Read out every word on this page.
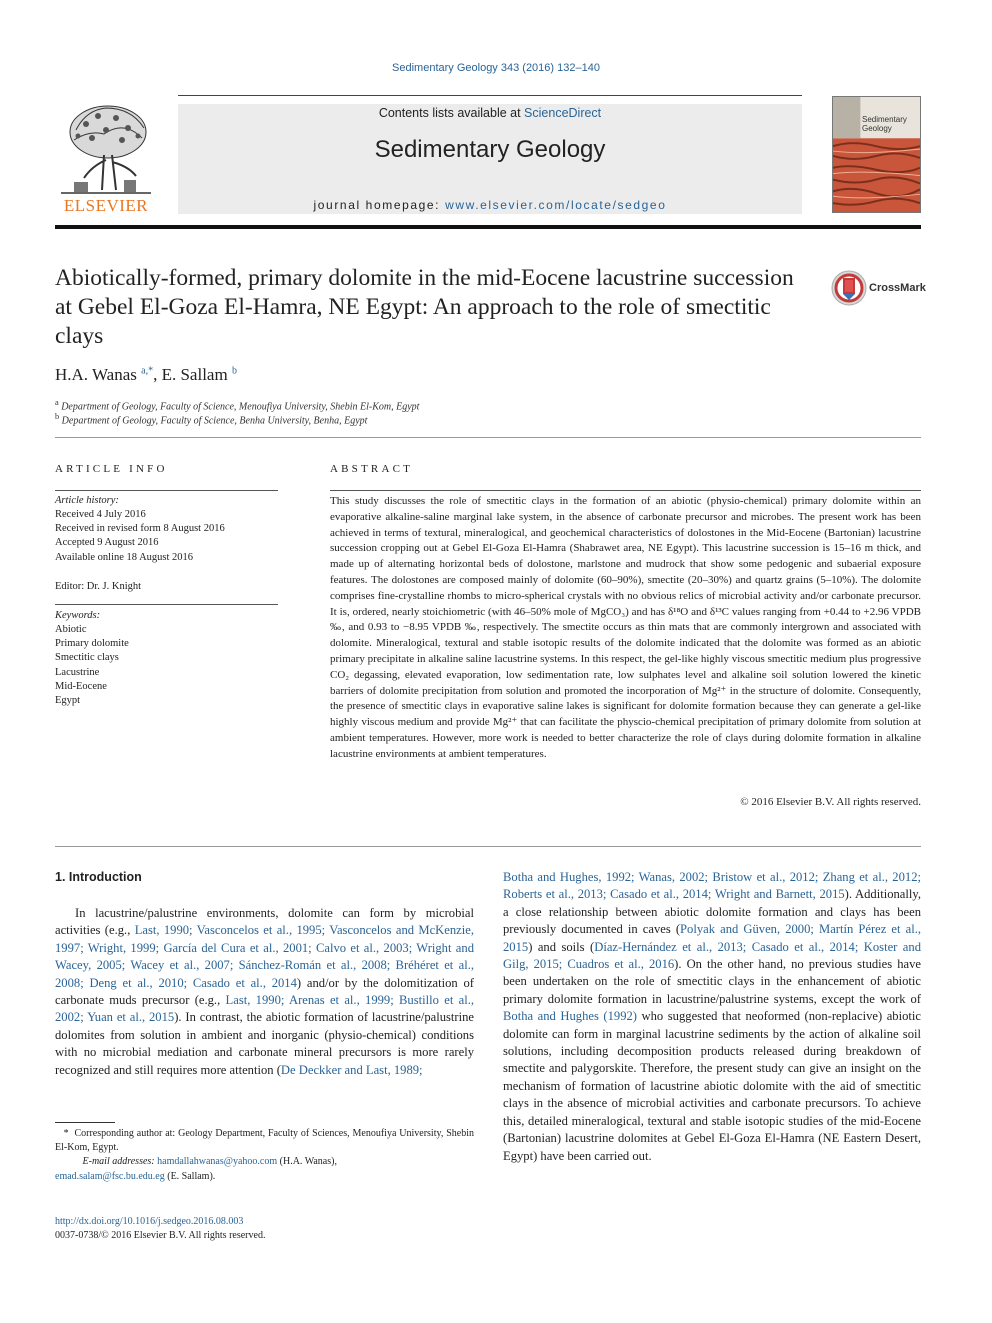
Sedimentary Geology 343 (2016) 132–140
Contents lists available at ScienceDirect
Sedimentary Geology
journal homepage: www.elsevier.com/locate/sedgeo
ELSEVIER
Sedimentary Geology
Abiotically-formed, primary dolomite in the mid-Eocene lacustrine succession at Gebel El-Goza El-Hamra, NE Egypt: An approach to the role of smectitic clays
CrossMark
H.A. Wanas $^{a,*}$, E. Sallam $^b$
$^a$ Department of Geology, Faculty of Science, Menoufiya University, Shebin El-Kom, Egypt
$^b$ Department of Geology, Faculty of Science, Benha University, Benha, Egypt
ARTICLE INFO	ABSTRACT
Article history:
Received 4 July 2016
Received in revised form 8 August 2016
Accepted 9 August 2016
Available online 18 August 2016
Editor: Dr. J. Knight
Keywords:
Abiotic
Primary dolomite
Smectitic clays
Lacustrine
Mid-Eocene
Egypt
This study discusses the role of smectitic clays in the formation of an abiotic (physio-chemical) primary dolomite within an evaporative alkaline-saline marginal lake system, in the absence of carbonate precursor and microbes. The present work has been achieved in terms of textural, mineralogical, and geochemical characteristics of dolostones in the Mid-Eocene (Bartonian) lacustrine succession cropping out at Gebel El-Goza El-Hamra (Shabrawet area, NE Egypt). This lacustrine succession is 15–16 m thick, and made up of alternating horizontal beds of dolostone, marlstone and mudrock that show some pedogenic and subaerial exposure features. The dolostones are composed mainly of dolomite (60–90%), smectite (20–30%) and quartz grains (5–10%). The dolomite comprises fine-crystalline rhombs to micro-spherical crystals with no obvious relics of microbial activity and/or carbonate precursor. It is, ordered, nearly stoichiometric (with 46–50% mole of MgCO₃) and has δ¹⁸O and δ¹³C values ranging from +0.44 to +2.96 VPDB ‰, and 0.93 to −8.95 VPDB ‰, respectively. The smectite occurs as thin mats that are commonly intergrown and associated with dolomite. Mineralogical, textural and stable isotopic results of the dolomite indicated that the dolomite was formed as an abiotic primary precipitate in alkaline saline lacustrine systems. In this respect, the gel-like highly viscous smectitic medium plus progressive CO₂ degassing, elevated evaporation, low sedimentation rate, low sulphates level and alkaline soil solution lowered the kinetic barriers of dolomite precipitation from solution and promoted the incorporation of Mg²⁺ in the structure of dolomite. Consequently, the presence of smectitic clays in evaporative saline lakes is significant for dolomite formation because they can generate a gel-like highly viscous medium and provide Mg²⁺ that can facilitate the physcio-chemical precipitation of primary dolomite from solution at ambient temperatures. However, more work is needed to better characterize the role of clays during dolomite formation in alkaline lacustrine environments at ambient temperatures.
© 2016 Elsevier B.V. All rights reserved.
1. Introduction
In lacustrine/palustrine environments, dolomite can form by microbial activities (e.g., Last, 1990; Vasconcelos et al., 1995; Vasconcelos and McKenzie, 1997; Wright, 1999; García del Cura et al., 2001; Calvo et al., 2003; Wright and Wacey, 2005; Wacey et al., 2007; Sánchez-Román et al., 2008; Bréhéret et al., 2008; Deng et al., 2010; Casado et al., 2014) and/or by the dolomitization of carbonate muds precursor (e.g., Last, 1990; Arenas et al., 1999; Bustillo et al., 2002; Yuan et al., 2015). In contrast, the abiotic formation of lacustrine/palustrine dolomites from solution in ambient and inorganic (physio-chemical) conditions with no microbial mediation and carbonate mineral precursors is more rarely recognized and still requires more attention (De Deckker and Last, 1989;
Botha and Hughes, 1992; Wanas, 2002; Bristow et al., 2012; Zhang et al., 2012; Roberts et al., 2013; Casado et al., 2014; Wright and Barnett, 2015). Additionally, a close relationship between abiotic dolomite formation and clays has been previously documented in caves (Polyak and Güven, 2000; Martín Pérez et al., 2015) and soils (Díaz-Hernández et al., 2013; Casado et al., 2014; Koster and Gilg, 2015; Cuadros et al., 2016). On the other hand, no previous studies have been undertaken on the role of smectitic clays in the enhancement of abiotic primary dolomite formation in lacustrine/palustrine systems, except the work of Botha and Hughes (1992) who suggested that neoformed (non-replacive) abiotic dolomite can form in marginal lacustrine sediments by the action of alkaline soil solutions, including decomposition products released during breakdown of smectite and palygorskite. Therefore, the present study can give an insight on the mechanism of formation of lacustrine abiotic dolomite with the aid of smectitic clays in the absence of microbial activities and carbonate precursors. To achieve this, detailed mineralogical, textural and stable isotopic studies of the mid-Eocene (Bartonian) lacustrine dolomites at Gebel El-Goza El-Hamra (NE Eastern Desert, Egypt) have been carried out.
*  Corresponding author at: Geology Department, Faculty of Sciences, Menoufiya University, Shebin El-Kom, Egypt.
E-mail addresses: hamdallahwanas@yahoo.com (H.A. Wanas),
emad.salam@fsc.bu.edu.eg (E. Sallam).
http://dx.doi.org/10.1016/j.sedgeo.2016.08.003
0037-0738/© 2016 Elsevier B.V. All rights reserved.
